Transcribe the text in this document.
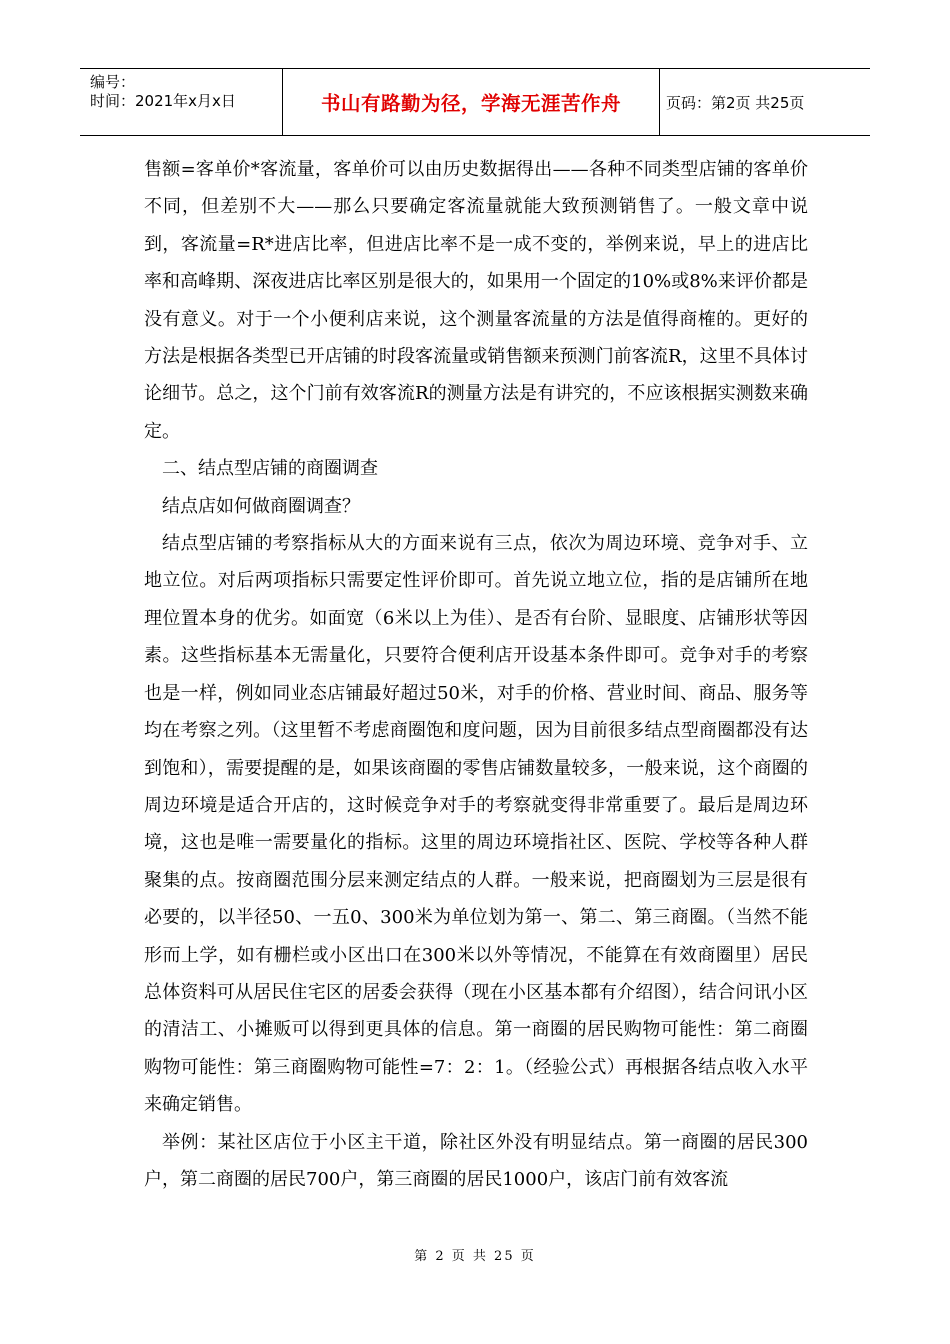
编号：
时间：2021年x月x日	书山有路勤为径，学海无涯苦作舟	页码：第2页 共25页

售额=客单价*客流量，客单价可以由历史数据得出——各种不同类型店铺的客单价不同，但差别不大——那么只要确定客流量就能大致预测销售了。一般文章中说到，客流量=R*进店比率，但进店比率不是一成不变的，举例来说，早上的进店比率和高峰期、深夜进店比率区别是很大的，如果用一个固定的10%或8%来评价都是没有意义。对于一个小便利店来说，这个测量客流量的方法是值得商榷的。更好的方法是根据各类型已开店铺的时段客流量或销售额来预测门前客流R，这里不具体讨论细节。总之，这个门前有效客流R的测量方法是有讲究的，不应该根据实测数来确定。

二、结点型店铺的商圈调查

结点店如何做商圈调查？

结点型店铺的考察指标从大的方面来说有三点，依次为周边环境、竞争对手、立地立位。对后两项指标只需要定性评价即可。首先说立地立位，指的是店铺所在地理位置本身的优劣。如面宽（6米以上为佳）、是否有台阶、显眼度、店铺形状等因素。这些指标基本无需量化，只要符合便利店开设基本条件即可。竞争对手的考察也是一样，例如同业态店铺最好超过50米，对手的价格、营业时间、商品、服务等均在考察之列。（这里暂不考虑商圈饱和度问题，因为目前很多结点型商圈都没有达到饱和），需要提醒的是，如果该商圈的零售店铺数量较多，一般来说，这个商圈的周边环境是适合开店的，这时候竞争对手的考察就变得非常重要了。最后是周边环境，这也是唯一需要量化的指标。这里的周边环境指社区、医院、学校等各种人群聚集的点。按商圈范围分层来测定结点的人群。一般来说，把商圈划为三层是很有必要的，以半径50、一五0、300米为单位划为第一、第二、第三商圈。（当然不能形而上学，如有栅栏或小区出口在300米以外等情况，不能算在有效商圈里）居民总体资料可从居民住宅区的居委会获得（现在小区基本都有介绍图），结合问讯小区的清洁工、小摊贩可以得到更具体的信息。第一商圈的居民购物可能性：第二商圈购物可能性：第三商圈购物可能性=7：2：1。（经验公式）再根据各结点收入水平来确定销售。

举例：某社区店位于小区主干道，除社区外没有明显结点。第一商圈的居民300户，第二商圈的居民700户，第三商圈的居民1000户，该店门前有效客流

第 2 页 共 25 页
